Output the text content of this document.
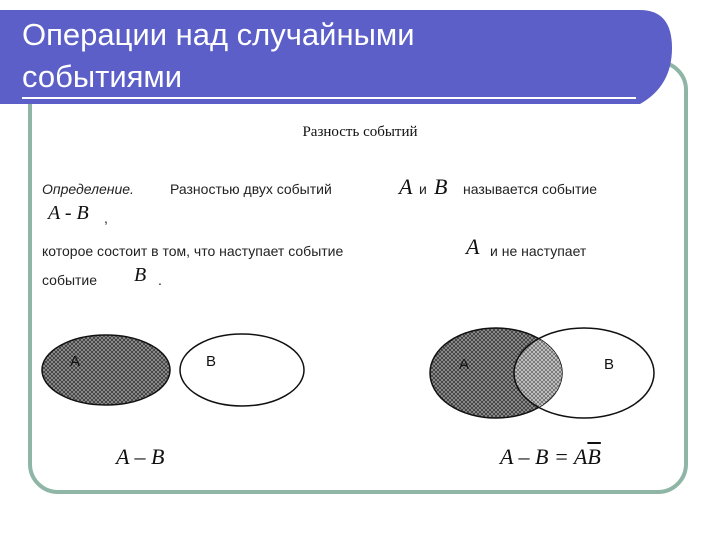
Операции над случайными
событиями
Разность событий
Определение.	Разностью двух событий	A и B называется событие
A - B ,
которое состоит в том, что наступает событие	A и не наступает
событие B .
A	B	A	B
A – B	$A - B = A\overline{B}$
